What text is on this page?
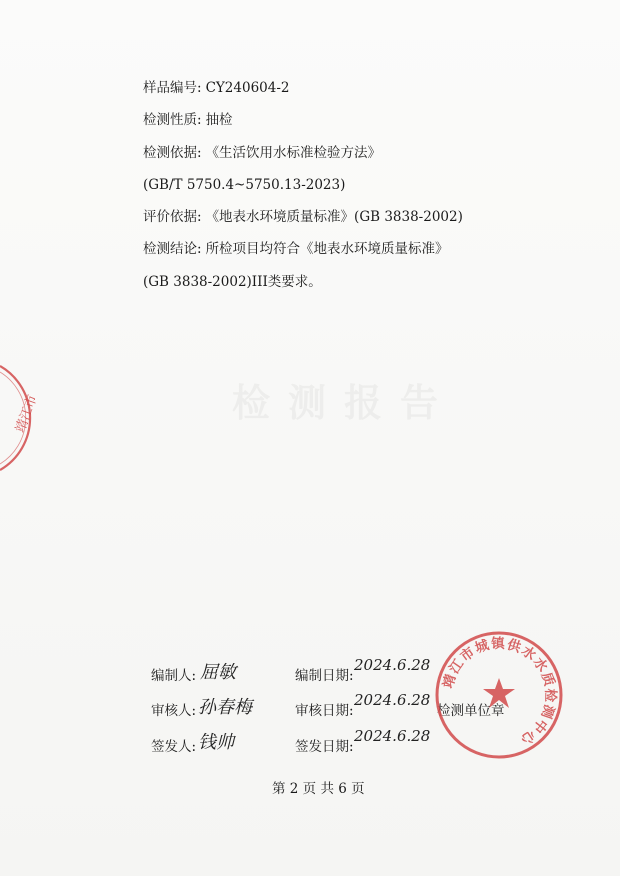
检测报告
样品编号: CY240604-2
检测性质: 抽检
检测依据: 《生活饮用水标准检验方法》
(GB/T 5750.4~5750.13-2023)
评价依据: 《地表水环境质量标准》(GB 3838-2002)
检测结论: 所检项目均符合《地表水环境质量标准》
(GB 3838-2002)III类要求。
靖江市
编制人: 屈敏	编制日期:
2024.6.28
审核人: 孙春梅	审核日期:
2024.6.28
检测单位章
签发人: 钱帅	签发日期:
2024.6.28
靖江市城镇供水水质检测中心
第 2 页 共 6 页
